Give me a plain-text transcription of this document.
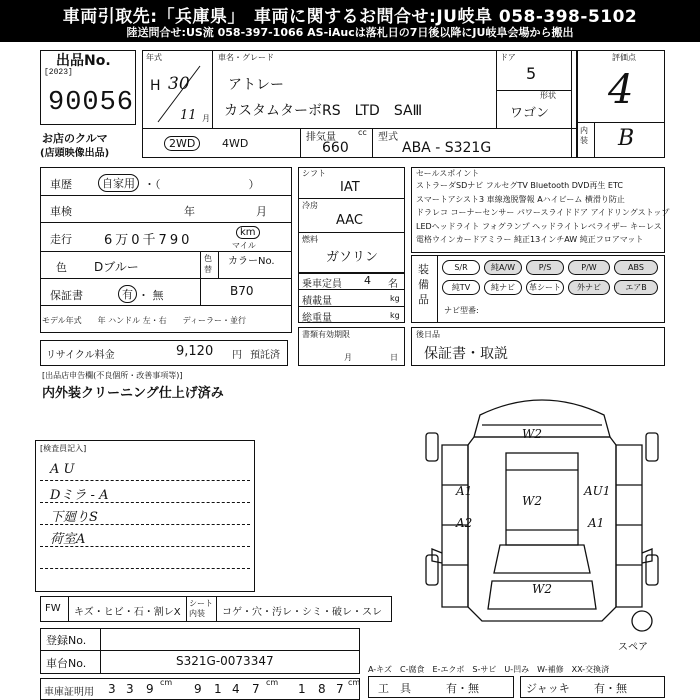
車両引取先:「兵庫県」　車両に関するお問合せ:JU岐阜 058-398-5102
陸送問合せ:US流 058-397-1066 AS-iAucは落札日の7日後以降にJU岐阜会場から搬出
出品No.
[2023]
90056
お店のクルマ
(店頭映像出品)
年式
H 30
11 月
車名・グレード
アトレー
カスタムターボRS　LTD　SAⅢ
ドア
5
形状
ワゴン
2WD	4WD	排気量	cc
660
型式
ABA - S321G
評価点
4
内装 B
車歴	自家用 ・（　　　　　　　　）
車検	年	月
走行 6万0千790
km
マイル
色 Dブルー
色替
カラーNo.
B70
保証書	有 ・ 無
モデル年式　　年 ハンドル 左・右　　ディーラー・並行
シフト
IAT
冷房
AAC
燃料
ガソリン
乗車定員 4 名
積載量	kg
総重量	kg
セールスポイント
ストラーダSDナビ フルセグTV Bluetooth DVD再生 ETC
スマートアシスト3 車線逸脱警報 Aハイビーム 横滑り防止
ドラレコ コーナーセンサー パワースライドドア アイドリングストップ
LEDヘッドライト フォグランプ ヘッドライトレベライザー キーレス
電格ウインカードアミラー 純正13インチAW 純正フロアマット
装備品
S/R	純A/W	P/S	P/W	ABS
純TV	純ナビ	革シート	外ナビ	エアB
ナビ型番:
リサイクル料金	9,120 円 預託済
書類有効期限
月	日
後日品
保証書・取説
[出品店申告欄(不良個所・改善事項等)]
内外装クリーニング仕上げ済み
[検査員記入]
A U
Dミラ - A
下廻りS
荷室A
W2
A1
A2
W2
W2
AU1
A1
スペア
FW キズ・ヒビ・石・割レX
シート内装	コゲ・穴・汚レ・シミ・破レ・スレ
登録No.
車台No.	S321G-0073347
車庫証明用 3 3 9 cm 9 1 4 7 cm 1 8 7 cm
A-キズ　C-腐食　E-エクボ　S-サビ　U-凹み　W-補修　XX-交換済
工　具	有・無	ジャッキ 有・無
